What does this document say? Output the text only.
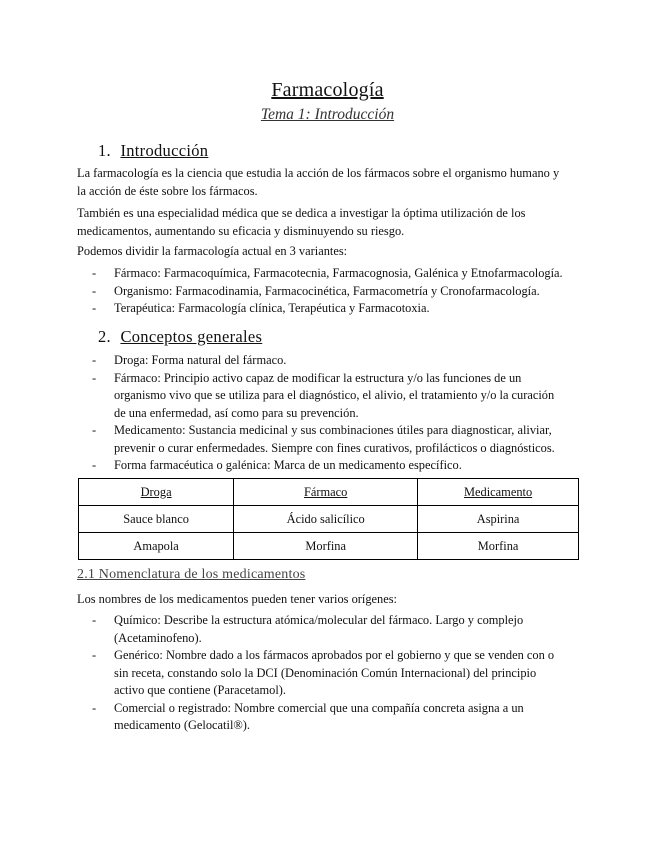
Farmacología
Tema 1: Introducción
1. Introducción
La farmacología es la ciencia que estudia la acción de los fármacos sobre el organismo humano y
la acción de éste sobre los fármacos.
También es una especialidad médica que se dedica a investigar la óptima utilización de los
medicamentos, aumentando su eficacia y disminuyendo su riesgo.
Podemos dividir la farmacología actual en 3 variantes:
- Fármaco: Farmacoquímica, Farmacotecnia, Farmacognosia, Galénica y Etnofarmacología.
- Organismo: Farmacodinamia, Farmacocinética, Farmacometría y Cronofarmacología.
- Terapéutica: Farmacología clínica, Terapéutica y Farmacotoxia.
2. Conceptos generales
- Droga: Forma natural del fármaco.
- Fármaco: Principio activo capaz de modificar la estructura y/o las funciones de un
organismo vivo que se utiliza para el diagnóstico, el alivio, el tratamiento y/o la curación
de una enfermedad, así como para su prevención.
- Medicamento: Sustancia medicinal y sus combinaciones útiles para diagnosticar, aliviar,
prevenir o curar enfermedades. Siempre con fines curativos, profilácticos o diagnósticos.
- Forma farmacéutica o galénica: Marca de un medicamento específico.
Droga	Fármaco	Medicamento
Sauce blanco	Ácido salicílico	Aspirina
Amapola	Morfina	Morfina
2.1 Nomenclatura de los medicamentos
Los nombres de los medicamentos pueden tener varios orígenes:
- Químico: Describe la estructura atómica/molecular del fármaco. Largo y complejo
(Acetaminofeno).
- Genérico: Nombre dado a los fármacos aprobados por el gobierno y que se venden con o
sin receta, constando solo la DCI (Denominación Común Internacional) del principio
activo que contiene (Paracetamol).
- Comercial o registrado: Nombre comercial que una compañía concreta asigna a un
medicamento (Gelocatil®).
